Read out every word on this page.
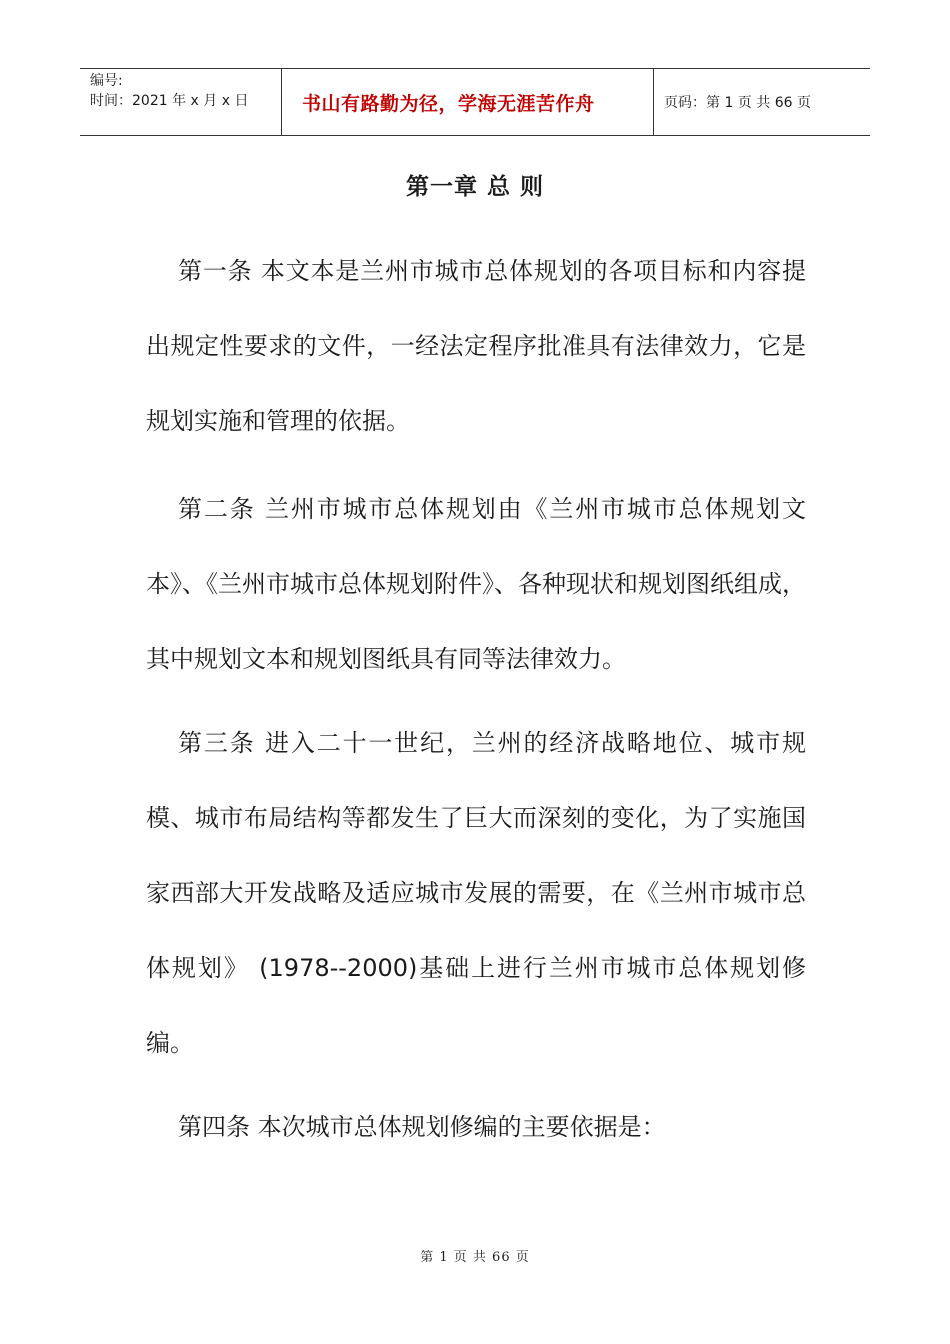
编号:
时间：2021 年 x 月 x 日	书山有路勤为径，学海无涯苦作舟	页码：第 1 页 共 66 页
第一章 总 则

第一条 本文本是兰州市城市总体规划的各项目标和内容提出规定性要求的文件，一经法定程序批准具有法律效力，它是规划实施和管理的依据。

第二条 兰州市城市总体规划由《兰州市城市总体规划文本》、《兰州市城市总体规划附件》、各种现状和规划图纸组成，其中规划文本和规划图纸具有同等法律效力。

第三条 进入二十一世纪，兰州的经济战略地位、城市规模、城市布局结构等都发生了巨大而深刻的变化，为了实施国家西部大开发战略及适应城市发展的需要，在《兰州市城市总体规划》 (1978--2000)基础上进行兰州市城市总体规划修编。

第四条 本次城市总体规划修编的主要依据是：

第 1 页 共 66 页
